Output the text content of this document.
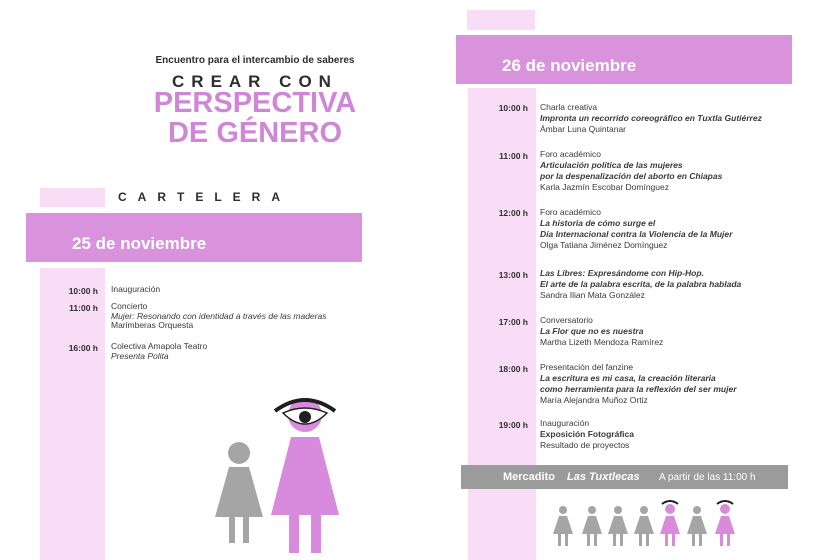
Encuentro para el intercambio de saberes
CREAR CON
PERSPECTIVA
DE GÉNERO
CARTELERA
25 de noviembre
10:00 h Inauguración
11:00 h Concierto
Mujer: Resonando con identidad a través de las maderas
Marimberas Orquesta
16:00 h Colectiva Amapola Teatro
Presenta Polita
26 de noviembre
10:00 h Charla creativa
Impronta un recorrido coreográfico en Tuxtla Gutiérrez
Ámbar Luna Quintanar
11:00 h Foro académico
Articulación política de las mujeres
por la despenalización del aborto en Chiapas
Karla Jazmín Escobar Domínguez
12:00 h Foro académico
La historia de cómo surge el
Día Internacional contra la Violencia de la Mujer
Olga Tatiana Jiménez Domínguez
13:00 h Las Libres: Expresándome con Hip-Hop.
El arte de la palabra escrita, de la palabra hablada
Sandra Ilian Mata González
17:00 h Conversatorio
La Flor que no es nuestra
Martha Lizeth Mendoza Ramírez
18:00 h Presentación del fanzine
La escritura es mi casa, la creación literaria
como herramienta para la reflexión del ser mujer
María Alejandra Muñoz Ortiz
19:00 h Inauguración
Exposición Fotográfica
Resultado de proyectos
Mercadito Las Tuxtlecas A partir de las 11:00 h
